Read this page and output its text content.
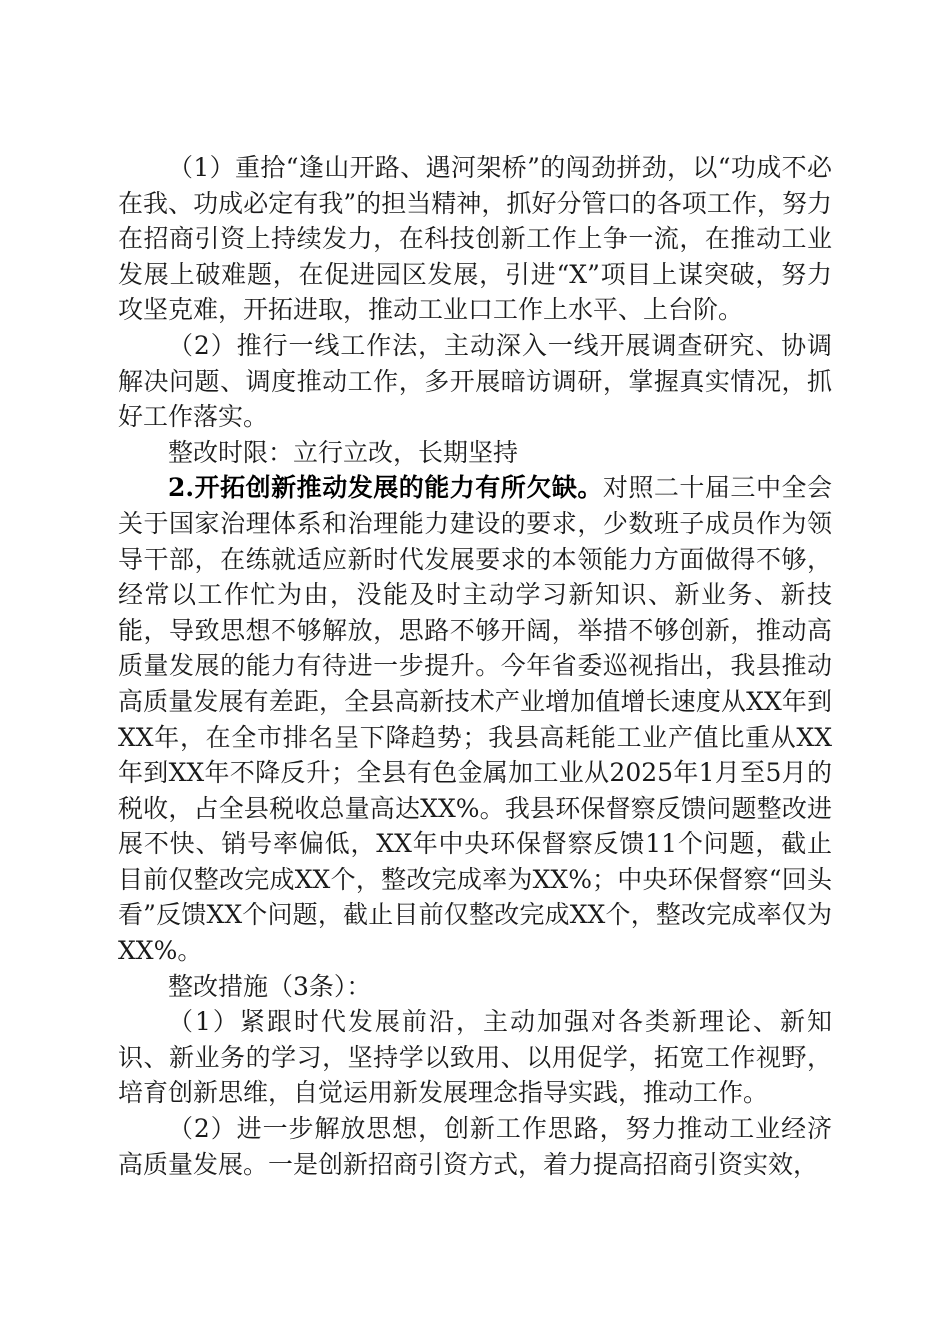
（1）重拾“逢山开路、遇河架桥”的闯劲拼劲，以“功成不必在我、功成必定有我”的担当精神，抓好分管口的各项工作，努力在招商引资上持续发力，在科技创新工作上争一流，在推动工业发展上破难题，在促进园区发展，引进“X”项目上谋突破，努力攻坚克难，开拓进取，推动工业口工作上水平、上台阶。

（2）推行一线工作法，主动深入一线开展调查研究、协调解决问题、调度推动工作，多开展暗访调研，掌握真实情况，抓好工作落实。

整改时限：立行立改，长期坚持

2.开拓创新推动发展的能力有所欠缺。对照二十届三中全会关于国家治理体系和治理能力建设的要求，少数班子成员作为领导干部，在练就适应新时代发展要求的本领能力方面做得不够，经常以工作忙为由，没能及时主动学习新知识、新业务、新技能，导致思想不够解放，思路不够开阔，举措不够创新，推动高质量发展的能力有待进一步提升。今年省委巡视指出，我县推动高质量发展有差距，全县高新技术产业增加值增长速度从XX年到XX年，在全市排名呈下降趋势；我县高耗能工业产值比重从XX年到XX年不降反升；全县有色金属加工业从2025年1月至5月的税收，占全县税收总量高达XX%。我县环保督察反馈问题整改进展不快、销号率偏低，XX年中央环保督察反馈11个问题，截止目前仅整改完成XX个，整改完成率为XX%；中央环保督察“回头看”反馈XX个问题，截止目前仅整改完成XX个，整改完成率仅为XX%。

整改措施（3条）：

（1）紧跟时代发展前沿，主动加强对各类新理论、新知识、新业务的学习，坚持学以致用、以用促学，拓宽工作视野，培育创新思维，自觉运用新发展理念指导实践，推动工作。

（2）进一步解放思想，创新工作思路，努力推动工业经济高质量发展。一是创新招商引资方式，着力提高招商引资实效，
